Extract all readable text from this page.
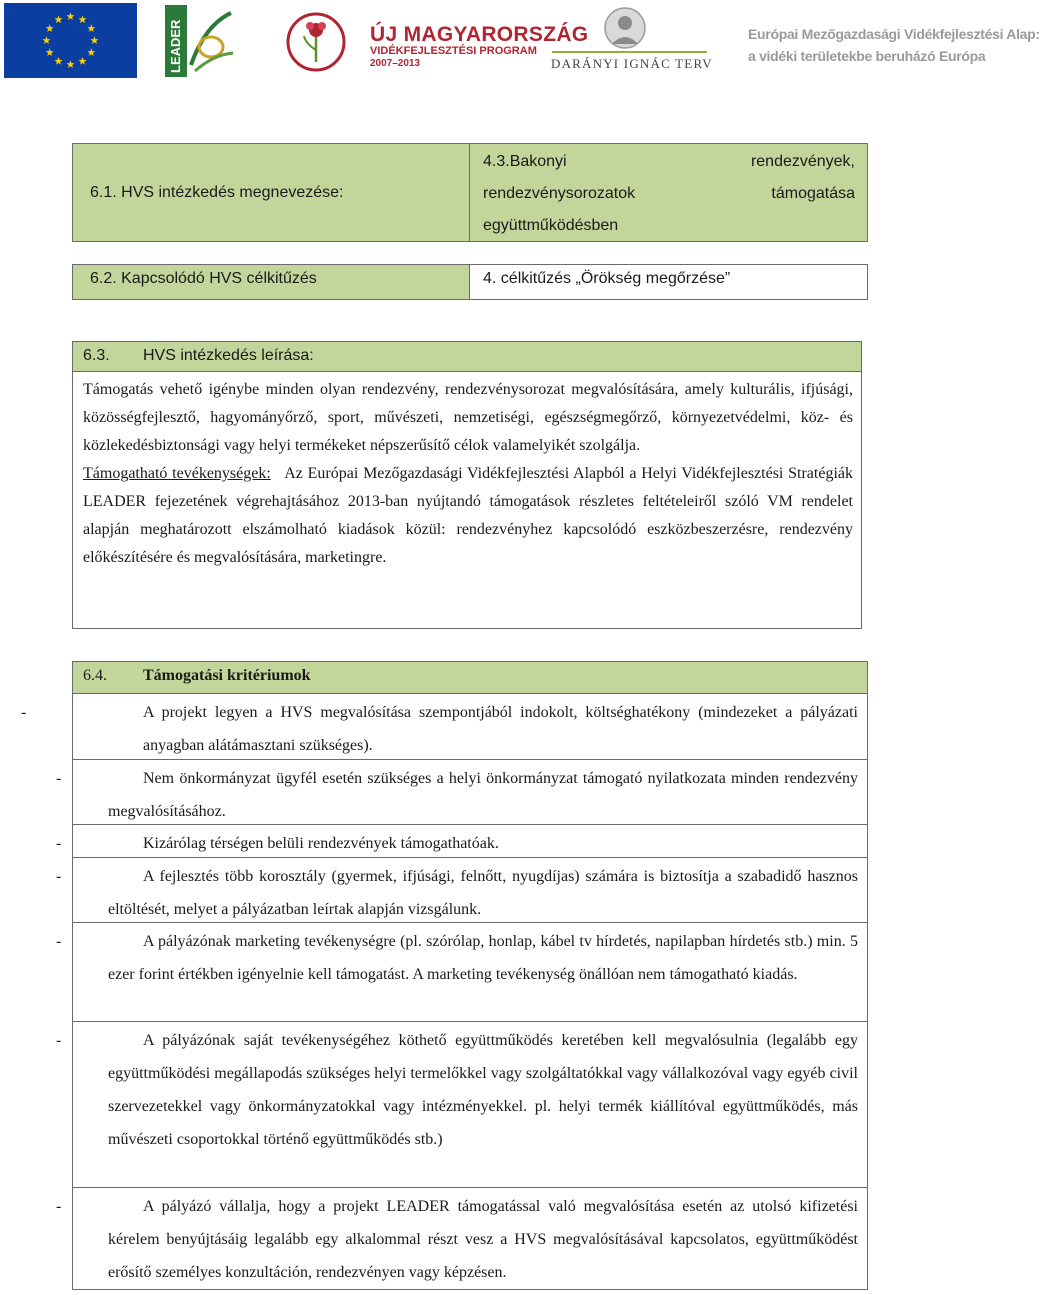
LEADER	ÚJ MAGYARORSZÁG
VIDÉKFEJLESZTÉSI PROGRAM
2007–2013	DARÁNYI IGNÁC TERV
Európai Mezőgazdasági Vidékfejlesztési Alap:
a vidéki területekbe beruházó Európa
6.1. HVS intézkedés megnevezése:
4.3.Bakonyi	rendezvények,
rendezvénysorozatok	támogatása
együttműködésben
6.2. Kapcsolódó HVS célkitűzés	4. célkitűzés „Örökség megőrzése”
6.3. HVS intézkedés leírása:

Támogatás vehető igénybe minden olyan rendezvény, rendezvénysorozat megvalósítására, amely kulturális, ifjúsági, közösségfejlesztő, hagyományőrző, sport, művészeti, nemzetiségi, egészségmegőrző, környezetvédelmi, köz- és közlekedésbiztonsági vagy helyi termékeket népszerűsítő célok valamelyikét szolgálja.

Támogatható tevékenységek: Az Európai Mezőgazdasági Vidékfejlesztési Alapból a Helyi Vidékfejlesztési Stratégiák LEADER fejezetének végrehajtásához 2013-ban nyújtandó támogatások részletes feltételeiről szóló VM rendelet alapján meghatározott elszámolható kiadások közül: rendezvényhez kapcsolódó eszközbeszerzésre, rendezvény előkészítésére és megvalósítására, marketingre.

6.4. Támogatási kritériumok
-	A projekt legyen a HVS megvalósítása szempontjából indokolt, költséghatékony (mindezeket a pályázati anyagban alátámasztani szükséges).
-	Nem önkormányzat ügyfél esetén szükséges a helyi önkormányzat támogató nyilatkozata minden rendezvény megvalósításához.
-	Kizárólag térségen belüli rendezvények támogathatóak.
-	A fejlesztés több korosztály (gyermek, ifjúsági, felnőtt, nyugdíjas) számára is biztosítja a szabadidő hasznos eltöltését, melyet a pályázatban leírtak alapján vizsgálunk.
-	A pályázónak marketing tevékenységre (pl. szórólap, honlap, kábel tv hírdetés, napilapban hírdetés stb.) min. 5 ezer forint értékben igényelnie kell támogatást. A marketing tevékenység önállóan nem támogatható kiadás.
-	A pályázónak saját tevékenységéhez köthető együttműködés keretében kell megvalósulnia (legalább egy együttműködési megállapodás szükséges helyi termelőkkel vagy szolgáltatókkal vagy vállalkozóval vagy egyéb civil szervezetekkel vagy önkormányzatokkal vagy intézményekkel. pl. helyi termék kiállítóval együttműködés, más művészeti csoportokkal történő együttműködés stb.)
-	A pályázó vállalja, hogy a projekt LEADER támogatással való megvalósítása esetén az utolsó kifizetési kérelem benyújtásáig legalább egy alkalommal részt vesz a HVS megvalósításával kapcsolatos, együttműködést erősítő személyes konzultáción, rendezvényen vagy képzésen.
